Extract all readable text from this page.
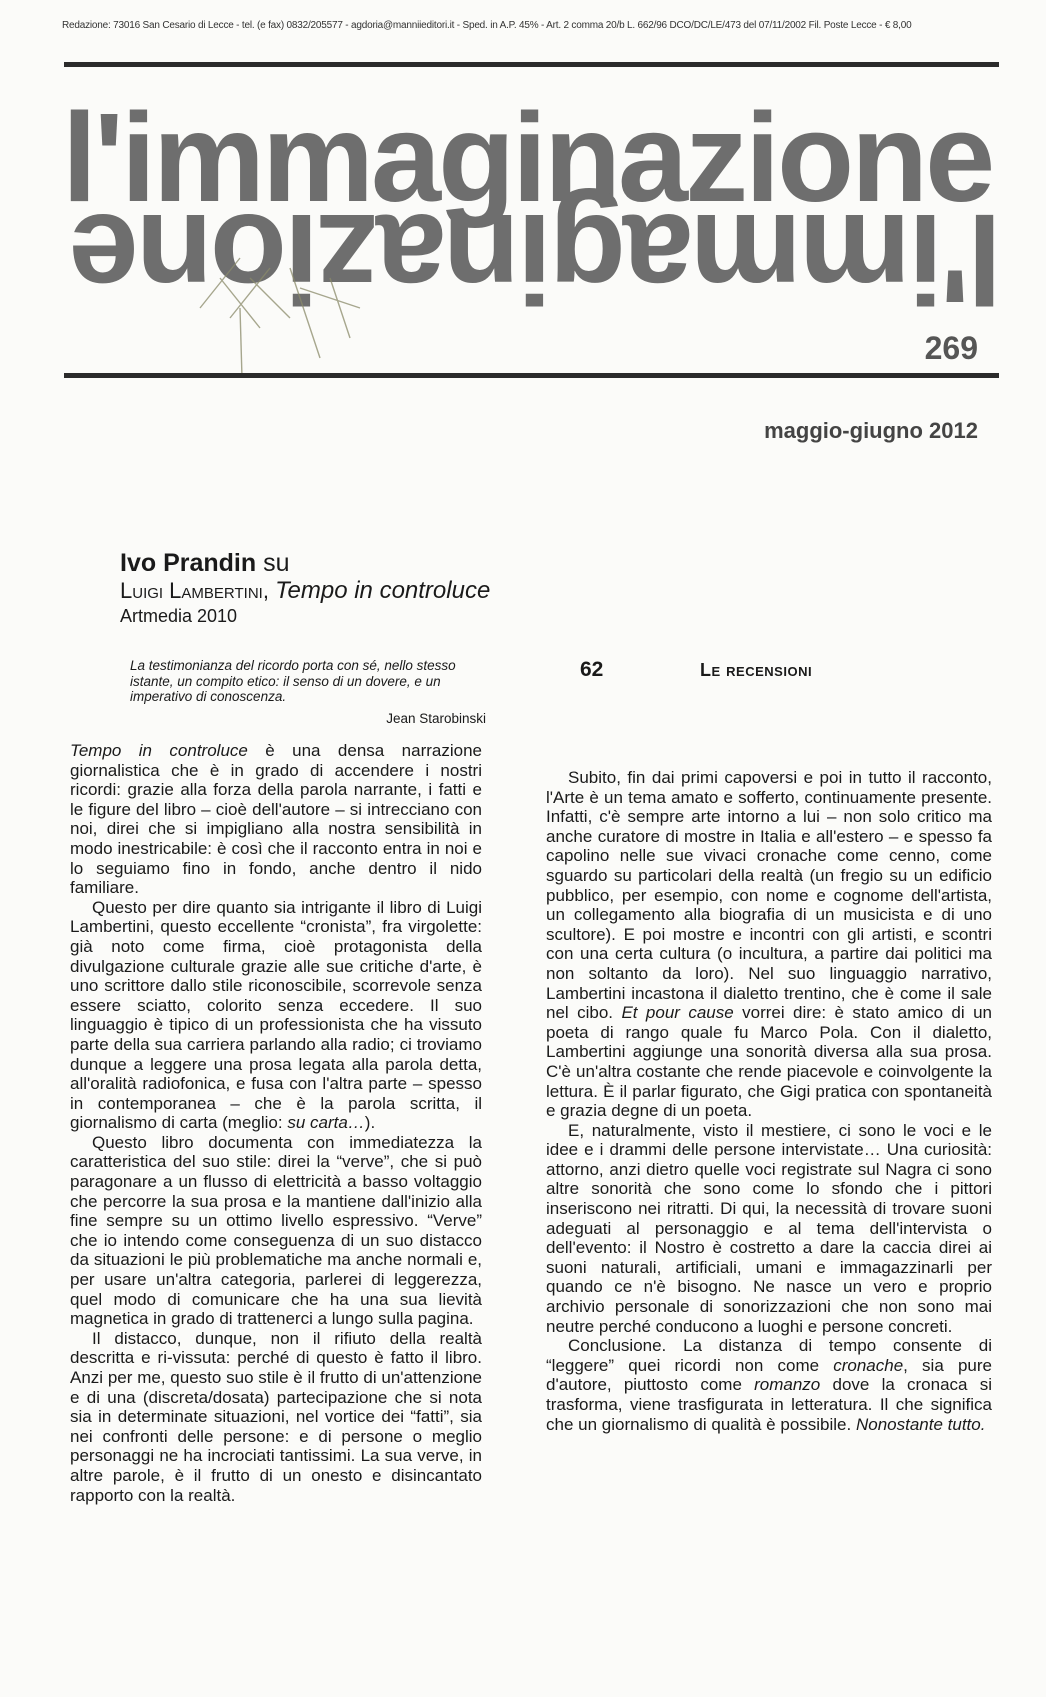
Redazione: 73016 San Cesario di Lecce - tel. (e fax) 0832/205577 - agdoria@manniieditori.it - Sped. in A.P. 45% - Art. 2 comma 20/b L. 662/96 DCO/DC/LE/473 del 07/11/2002 Fil. Poste Lecce - € 8,00
l'immaginazione
l'immaginazione
269
maggio-giugno 2012
Ivo Prandin su
Luigi Lambertini, Tempo in controluce
Artmedia 2010
La testimonianza del ricordo porta con sé, nello stesso istante, un compito etico: il senso di un dovere, e un imperativo di conoscenza.
Jean Starobinski
62	Le recensioni

Tempo in controluce è una densa narrazione giornalistica che è in grado di accendere i nostri ricordi: grazie alla forza della parola narrante, i fatti e le figure del libro – cioè dell'autore – si intrecciano con noi, direi che si impigliano alla nostra sensibilità in modo inestricabile: è così che il racconto entra in noi e lo seguiamo fino in fondo, anche dentro il nido familiare.

Questo per dire quanto sia intrigante il libro di Luigi Lambertini, questo eccellente “cronista”, fra virgolette: già noto come firma, cioè protagonista della divulgazione culturale grazie alle sue critiche d'arte, è uno scrittore dallo stile riconoscibile, scorrevole senza essere sciatto, colorito senza eccedere. Il suo linguaggio è tipico di un professionista che ha vissuto parte della sua carriera parlando alla radio; ci troviamo dunque a leggere una prosa legata alla parola detta, all'oralità radiofonica, e fusa con l'altra parte – spesso in contemporanea – che è la parola scritta, il giornalismo di carta (meglio: su carta…).

Questo libro documenta con immediatezza la caratteristica del suo stile: direi la “verve”, che si può paragonare a un flusso di elettricità a basso voltaggio che percorre la sua prosa e la mantiene dall'inizio alla fine sempre su un ottimo livello espressivo. “Verve” che io intendo come conseguenza di un suo distacco da situazioni le più problematiche ma anche normali e, per usare un'altra categoria, parlerei di leggerezza, quel modo di comunicare che ha una sua lievità magnetica in grado di trattenerci a lungo sulla pagina.

Il distacco, dunque, non il rifiuto della realtà descritta e ri-vissuta: perché di questo è fatto il libro. Anzi per me, questo suo stile è il frutto di un'attenzione e di una (discreta/dosata) partecipazione che si nota sia in determinate situazioni, nel vortice dei “fatti”, sia nei confronti delle persone: e di persone o meglio personaggi ne ha incrociati tantissimi. La sua verve, in altre parole, è il frutto di un onesto e disincantato rapporto con la realtà.

Subito, fin dai primi capoversi e poi in tutto il racconto, l'Arte è un tema amato e sofferto, continuamente presente. Infatti, c'è sempre arte intorno a lui – non solo critico ma anche curatore di mostre in Italia e all'estero – e spesso fa capolino nelle sue vivaci cronache come cenno, come sguardo su particolari della realtà (un fregio su un edificio pubblico, per esempio, con nome e cognome dell'artista, un collegamento alla biografia di un musicista e di uno scultore). E poi mostre e incontri con gli artisti, e scontri con una certa cultura (o incultura, a partire dai politici ma non soltanto da loro). Nel suo linguaggio narrativo, Lambertini incastona il dialetto trentino, che è come il sale nel cibo. Et pour cause vorrei dire: è stato amico di un poeta di rango quale fu Marco Pola. Con il dialetto, Lambertini aggiunge una sonorità diversa alla sua prosa. C'è un'altra costante che rende piacevole e coinvolgente la lettura. È il parlar figurato, che Gigi pratica con spontaneità e grazia degne di un poeta.

E, naturalmente, visto il mestiere, ci sono le voci e le idee e i drammi delle persone intervistate… Una curiosità: attorno, anzi dietro quelle voci registrate sul Nagra ci sono altre sonorità che sono come lo sfondo che i pittori inseriscono nei ritratti. Di qui, la necessità di trovare suoni adeguati al personaggio e al tema dell'intervista o dell'evento: il Nostro è costretto a dare la caccia direi ai suoni naturali, artificiali, umani e immagazzinarli per quando ce n'è bisogno. Ne nasce un vero e proprio archivio personale di sonorizzazioni che non sono mai neutre perché conducono a luoghi e persone concreti.

Conclusione. La distanza di tempo consente di “leggere” quei ricordi non come cronache, sia pure d'autore, piuttosto come romanzo dove la cronaca si trasforma, viene trasfigurata in letteratura. Il che significa che un giornalismo di qualità è possibile. Nonostante tutto.
